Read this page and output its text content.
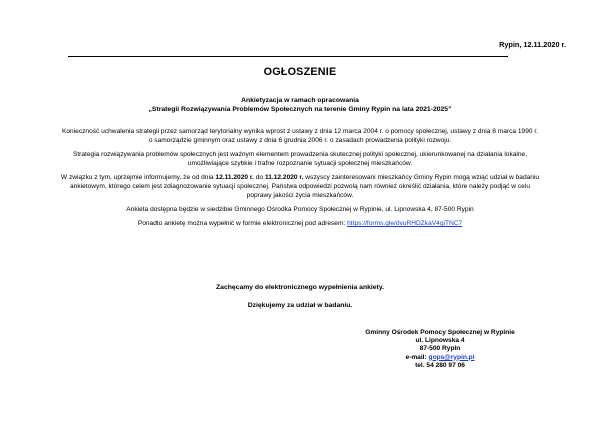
Rypin, 12.11.2020 r.
OGŁOSZENIE
Ankietyzacja w ramach opracowania
„Strategii Rozwiązywania Problemów Społecznych na terenie Gminy Rypin na lata 2021-2025”

Konieczność uchwalenia strategii przez samorząd terytorialny wynika wprost z ustawy z dnia 12 marca 2004 r. o pomocy społecznej, ustawy z dnia 8 marca 1990 r. o samorządzie gminnym oraz ustawy z dnia 6 grudnia 2006 r. o zasadach prowadzenia polityki rozwoju.

Strategia rozwiązywania problemów społecznych jest ważnym elementem prowadzenia skutecznej polityki społecznej, ukierunkowanej na działania lokalne, umożliwiające szybkie i trafne rozpoznanie sytuacji społecznej mieszkańców.

W związku z tym, uprzejmie informujemy, że od dnia 12.11.2020 r. do 11.12.2020 r. wszyscy zainteresowani mieszkańcy Gminy Rypin mogą wziąć udział w badaniu ankietowym, którego celem jest zdiagnozowanie sytuacji społecznej. Państwa odpowiedzi pozwolą nam również określić działania, które należy podjąć w celu poprawy jakości życia mieszkańców.

Ankieta dostępna będzie w siedzibie Gminnego Ośrodka Pomocy Społecznej w Rypinie, ul. Lipnowska 4, 87-500 Rypin

Ponadto ankietę można wypełnić w formie elektronicznej pod adresem: https://forms.gle/dvuRHDZkaV4giTNC7

Zachęcamy do elektronicznego wypełnienia ankiety.

Dziękujemy za udział w badaniu.

Gminny Ośrodek Pomocy Społecznej w Rypinie
ul. Lipnowska 4
87-500 Rypin
e-mail: gops@rypin.pl
tel. 54 280 97 06
